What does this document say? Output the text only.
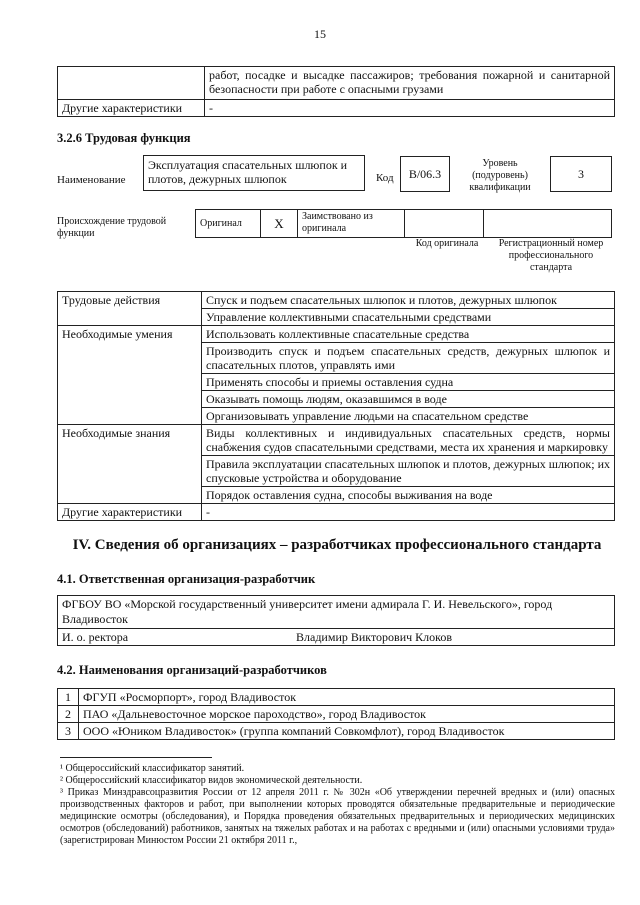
15
	работ, посадке и высадке пассажиров; требования пожарной и санитарной безопасности при работе с опасными грузами
Другие характеристики	-
3.2.6 Трудовая функция
Наименование
Эксплуатация спасательных шлюпок и плотов, дежурных шлюпок	Код	B/06.3
Уровень (подуровень) квалификации
3
Происхождение трудовой функции
Оригинал	X	Заимствовано из оригинала		
Код оригинала	Регистрационный номер профессионального стандарта
Трудовые действия	Спуск и подъем спасательных шлюпок и плотов, дежурных шлюпок
	Управление коллективными спасательными средствами
Необходимые умения	Использовать коллективные спасательные средства
	Производить спуск и подъем спасательных средств, дежурных шлюпок и спасательных плотов, управлять ими
	Применять способы и приемы оставления судна
	Оказывать помощь людям, оказавшимся в воде
	Организовывать управление людьми на спасательном средстве
Необходимые знания	Виды коллективных и индивидуальных спасательных средств, нормы снабжения судов спасательными средствами, места их хранения и маркировку
	Правила эксплуатации спасательных шлюпок и плотов, дежурных шлюпок; их спусковые устройства и оборудование
	Порядок оставления судна, способы выживания на воде
Другие характеристики	-
IV. Сведения об организациях – разработчиках профессионального стандарта
4.1. Ответственная организация-разработчик
ФГБОУ ВО «Морской государственный университет имени адмирала Г. И. Невельского», город Владивосток
И. о. ректора	Владимир Викторович Клоков
4.2. Наименования организаций-разработчиков
1	ФГУП «Росморпорт», город Владивосток
2	ПАО «Дальневосточное морское пароходство», город Владивосток
3	ООО «Юником Владивосток» (группа компаний Совкомфлот), город Владивосток
¹ Общероссийский классификатор занятий.
² Общероссийский классификатор видов экономической деятельности.
³ Приказ Минздравсоцразвития России от 12 апреля 2011 г. № 302н «Об утверждении перечней вредных и (или) опасных производственных факторов и работ, при выполнении которых проводятся обязательные предварительные и периодические медицинские осмотры (обследования), и Порядка проведения обязательных предварительных и периодических медицинских осмотров (обследований) работников, занятых на тяжелых работах и на работах с вредными и (или) опасными условиями труда» (зарегистрирован Минюстом России 21 октября 2011 г.,
